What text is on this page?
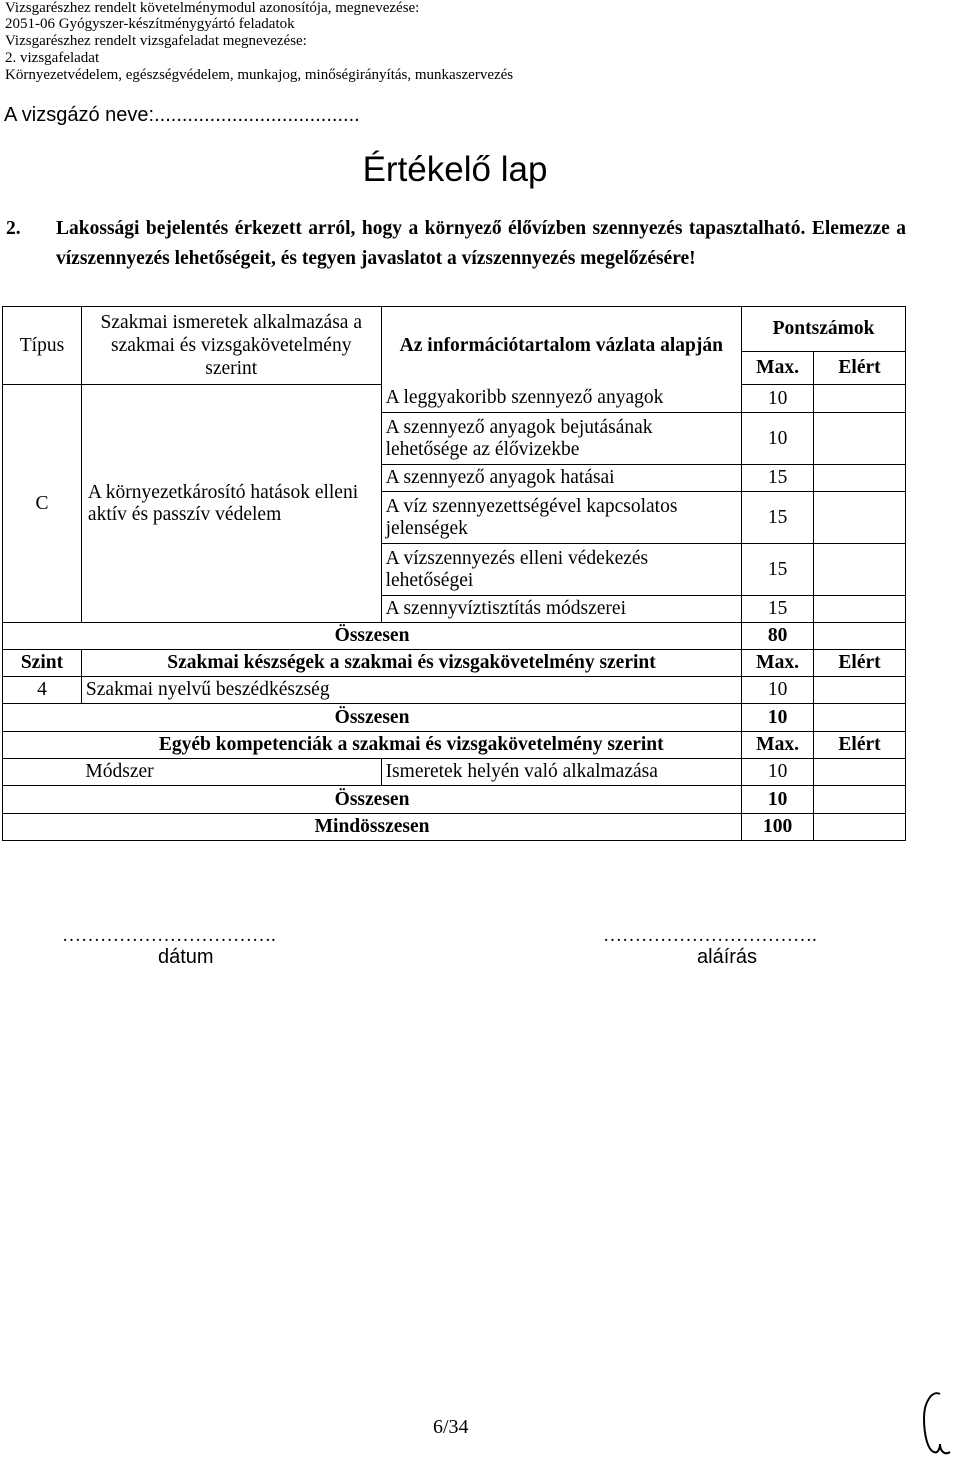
Vizsgarészhez rendelt követelménymodul azonosítója, megnevezése:
2051-06 Gyógyszer-készítménygyártó feladatok
Vizsgarészhez rendelt vizsgafeladat megnevezése:
2. vizsgafeladat
Környezetvédelem, egészségvédelem, munkajog, minőségirányítás, munkaszervezés
A vizsgázó neve:.....................................
Értékelő lap
2. Lakossági bejelentés érkezett arról, hogy a környező élővízben szennyezés tapasztalható. Elemezze a vízszennyezés lehetőségeit, és tegyen javaslatot a vízszennyezés megelőzésére!
Típus	Szakmai ismeretek alkalmazása a szakmai és vizsgakövetelmény szerint	Az információtartalom vázlata alapján	Pontszámok	
			Max.	Elért
C	A környezetkárosító hatások elleni aktív és passzív védelem	A leggyakoribb szennyező anyagok	10	
		A szennyező anyagok bejutásának lehetősége az élővizekbe	10	
		A szennyező anyagok hatásai	15	
		A víz szennyezettségével kapcsolatos jelenségek	15	
		A vízszennyezés elleni védekezés lehetőségei	15	
		A szennyvíztisztítás módszerei	15	
Összesen			80	
Szint	Szakmai készségek a szakmai és vizsgakövetelmény szerint		Max.	Elért
4	Szakmai nyelvű beszédkészség		10	
Összesen			10	
	Egyéb kompetenciák a szakmai és vizsgakövetelmény szerint		Max.	Elért
	Módszer	Ismeretek helyén való alkalmazása	10	
Összesen			10	
Mindösszesen			100	
…………………………….
dátum
…………………………….
aláírás
6/34
